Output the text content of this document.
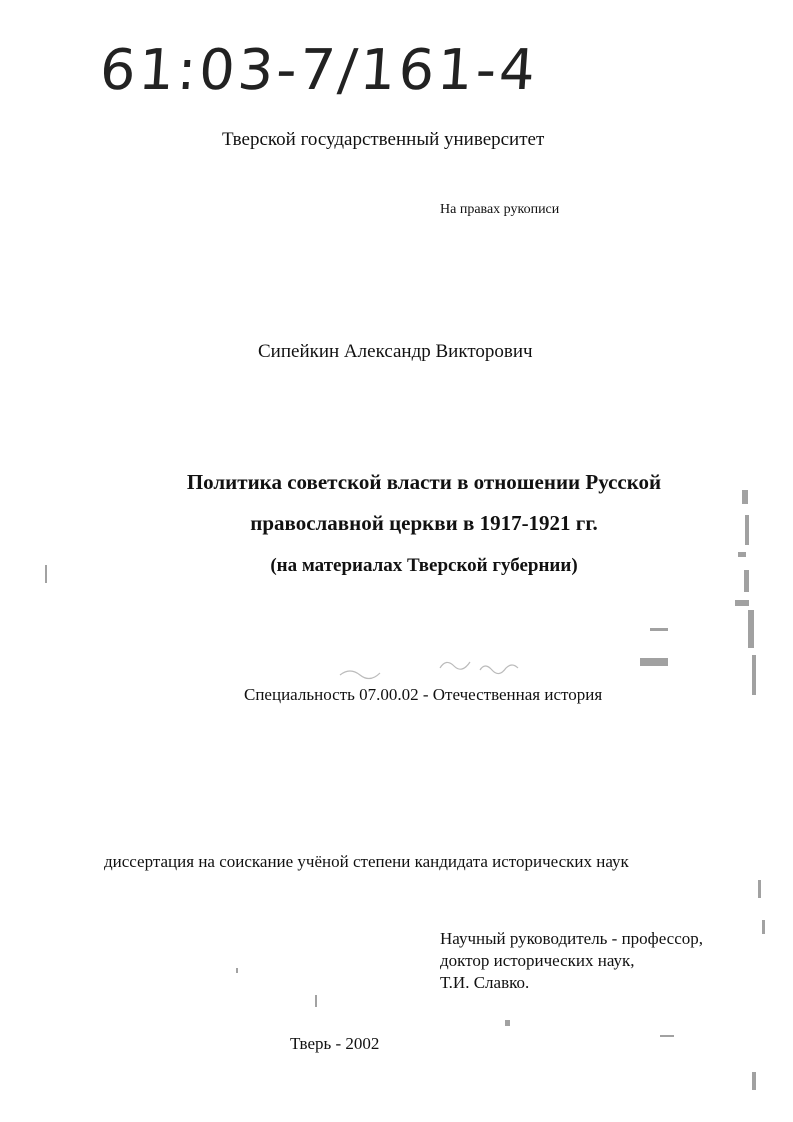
61:03-7/161-4
Тверской государственный университет
На правах рукописи
Сипейкин Александр Викторович
Политика советской власти в отношении Русской
православной церкви в 1917-1921 гг.
(на материалах Тверской губернии)
Специальность 07.00.02 - Отечественная история
диссертация на соискание учёной степени кандидата исторических наук
Научный руководитель - профессор,
доктор исторических наук,
Т.И. Славко.
Тверь - 2002
